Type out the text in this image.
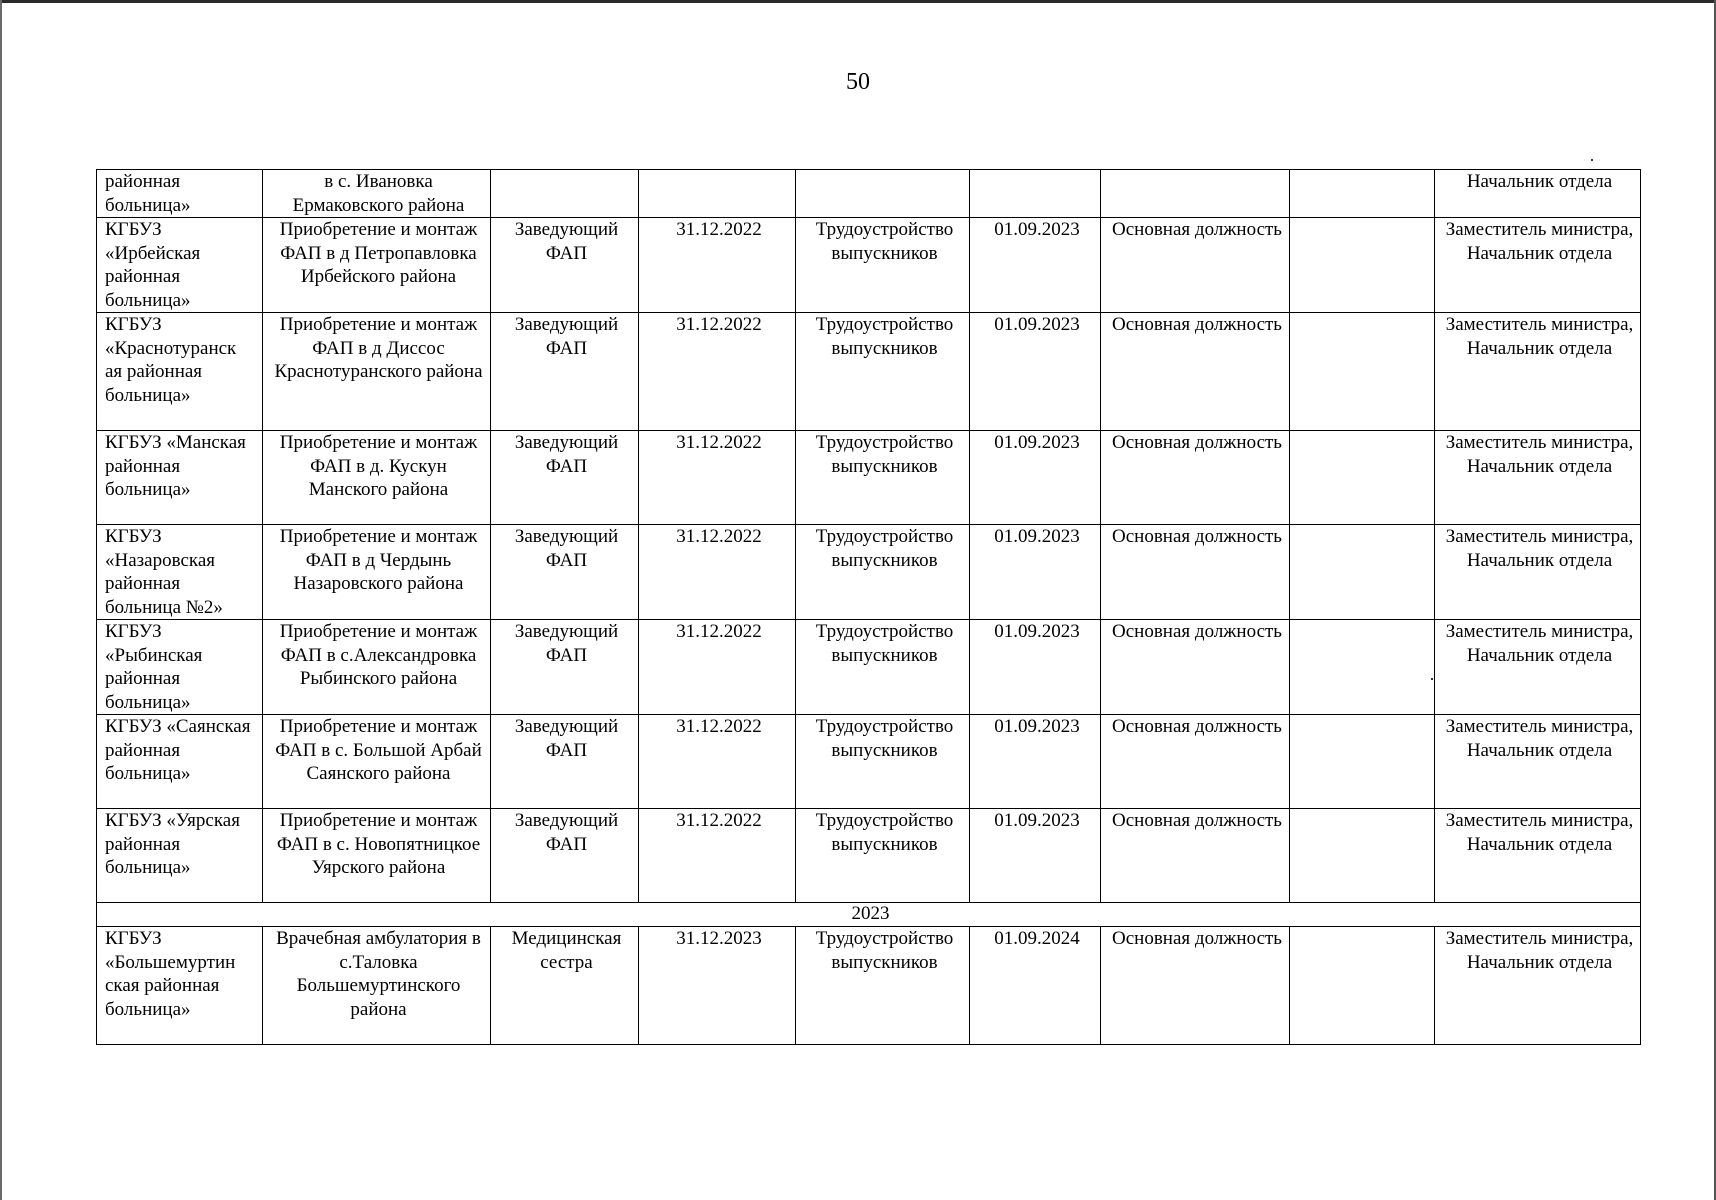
50
районная больница»	в с. Ивановка Ермаковского района							Начальник отдела
КГБУЗ «Ирбейская районная больница»	Приобретение и монтаж ФАП в д Петропавловка Ирбейского района	Заведующий ФАП	31.12.2022	Трудоустройство выпускников	01.09.2023	Основная должность		Заместитель министра, Начальник отдела
КГБУЗ «Краснотуранск ая районная больница»	Приобретение и монтаж ФАП в д Диссос Краснотуранского района	Заведующий ФАП	31.12.2022	Трудоустройство выпускников	01.09.2023	Основная должность		Заместитель министра, Начальник отдела
КГБУЗ «Манская районная больница»	Приобретение и монтаж ФАП в д. Кускун Манского района	Заведующий ФАП	31.12.2022	Трудоустройство выпускников	01.09.2023	Основная должность		Заместитель министра, Начальник отдела
КГБУЗ «Назаровская районная больница №2»	Приобретение и монтаж ФАП в д Чердынь Назаровского района	Заведующий ФАП	31.12.2022	Трудоустройство выпускников	01.09.2023	Основная должность		Заместитель министра, Начальник отдела
КГБУЗ «Рыбинская районная больница»	Приобретение и монтаж ФАП в с.Александровка Рыбинского района	Заведующий ФАП	31.12.2022	Трудоустройство выпускников	01.09.2023	Основная должность		Заместитель министра, Начальник отдела
КГБУЗ «Саянская районная больница»	Приобретение и монтаж ФАП в с. Большой Арбай Саянского района	Заведующий ФАП	31.12.2022	Трудоустройство выпускников	01.09.2023	Основная должность		Заместитель министра, Начальник отдела
КГБУЗ «Уярская районная больница»	Приобретение и монтаж ФАП в с. Новопятницкое Уярского района	Заведующий ФАП	31.12.2022	Трудоустройство выпускников	01.09.2023	Основная должность		Заместитель министра, Начальник отдела
2023								
КГБУЗ «Большемуртин ская районная больница»	Врачебная амбулатория в с.Таловка Большемуртинского района	Медицинская сестра	31.12.2023	Трудоустройство выпускников	01.09.2024	Основная должность		Заместитель министра, Начальник отдела
